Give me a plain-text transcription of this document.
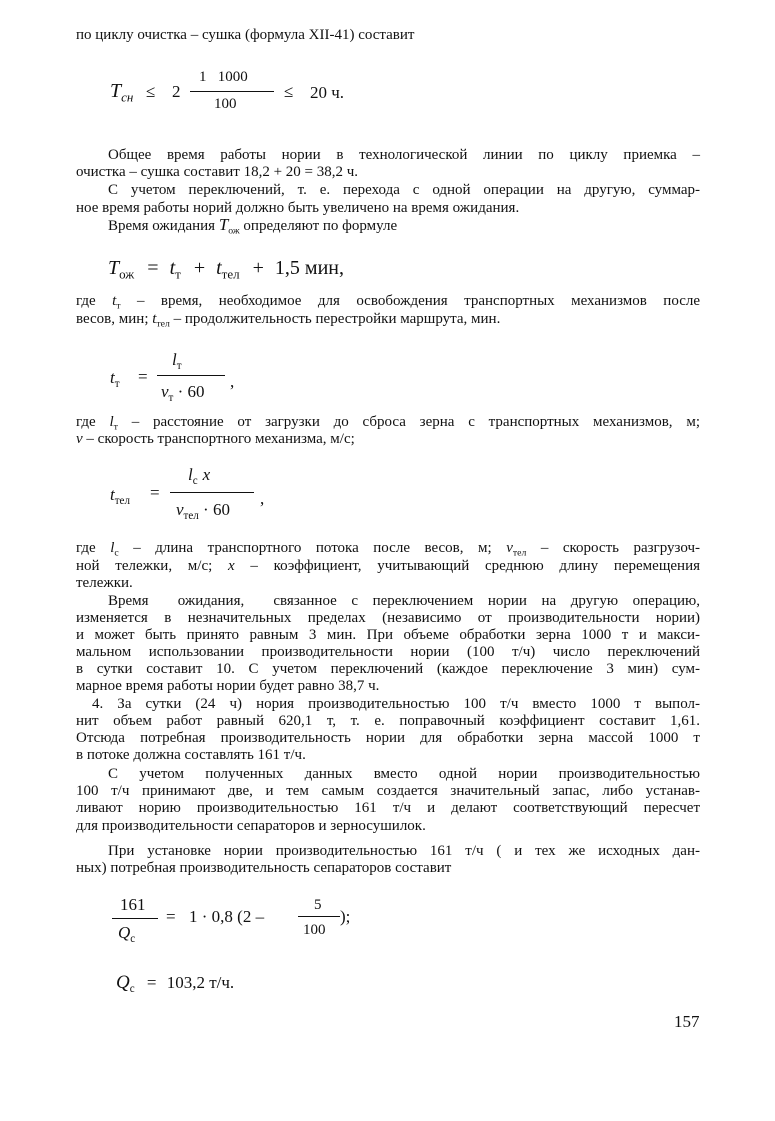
по циклу очистка – сушка (формула XII-41) составит
$T_{сн} \le 2$
1   1000
100
≤ 20 ч.
Общее время работы нории в технологической линии по циклу приемка –
очистка – сушка составит 18,2 + 20 = 38,2 ч.
С учетом переключений, т. е. перехода с одной операции на другую, суммар-
ное время работы норий должно быть увеличено на время ожидания.
Время ожидания $T_{ож}$ определяют по формуле
$T_{ож} = t_т + t_{тел} + 1,5$ мин,
где $t_т$ – время, необходимое для освобождения транспортных механизмов после
весов, мин; $t_{тел}$ – продолжительность перестройки маршрута, мин.
$t_т$ =
$l_т$
$v_т \cdot 60$
,
где $l_т$ – расстояние от загрузки до сброса зерна с транспортных механизмов, м;
v – скорость транспортного механизма, м/с;
$t_{тел}$ =
$l_с$ x
$v_{тел} \cdot 60$
,
где $l_с$ – длина транспортного потока после весов, м; $v_{тел}$ – скорость разгрузоч-
ной тележки, м/с; x – коэффициент, учитывающий среднюю длину перемещения
тележки.
Время  ожидания,  связанное с переключением нории на другую операцию,
изменяется в незначительных пределах (независимо от производительности нории)
и может быть принято равным 3 мин. При объеме обработки зерна 1000 т и макси-
мальном использовании производительности нории (100 т/ч) число переключений
в сутки составит 10. С учетом переключений (каждое переключение 3 мин) сум-
марное время работы нории будет равно 38,7 ч.
4. За сутки (24 ч) нория производительностью 100 т/ч вместо 1000 т выпол-
нит объем работ равный 620,1 т, т. е. поправочный коэффициент составит 1,61.
Отсюда потребная производительность нории для обработки зерна массой 1000 т
в потоке должна составлять 161 т/ч.
С учетом полученных данных вместо одной нории производительностью
100 т/ч принимают две, и тем самым создается значительный запас, либо устанав-
ливают норию производительностью 161 т/ч и делают соответствующий пересчет
для производительности сепараторов и зерносушилок.
При установке нории производительностью 161 т/ч ( и тех же исходных дан-
ных) потребная производительность сепараторов составит
161
$Q_с$
= 1 · 0,8 (2 –
5
100
);
$Q_с = 103,2$ т/ч.
157
